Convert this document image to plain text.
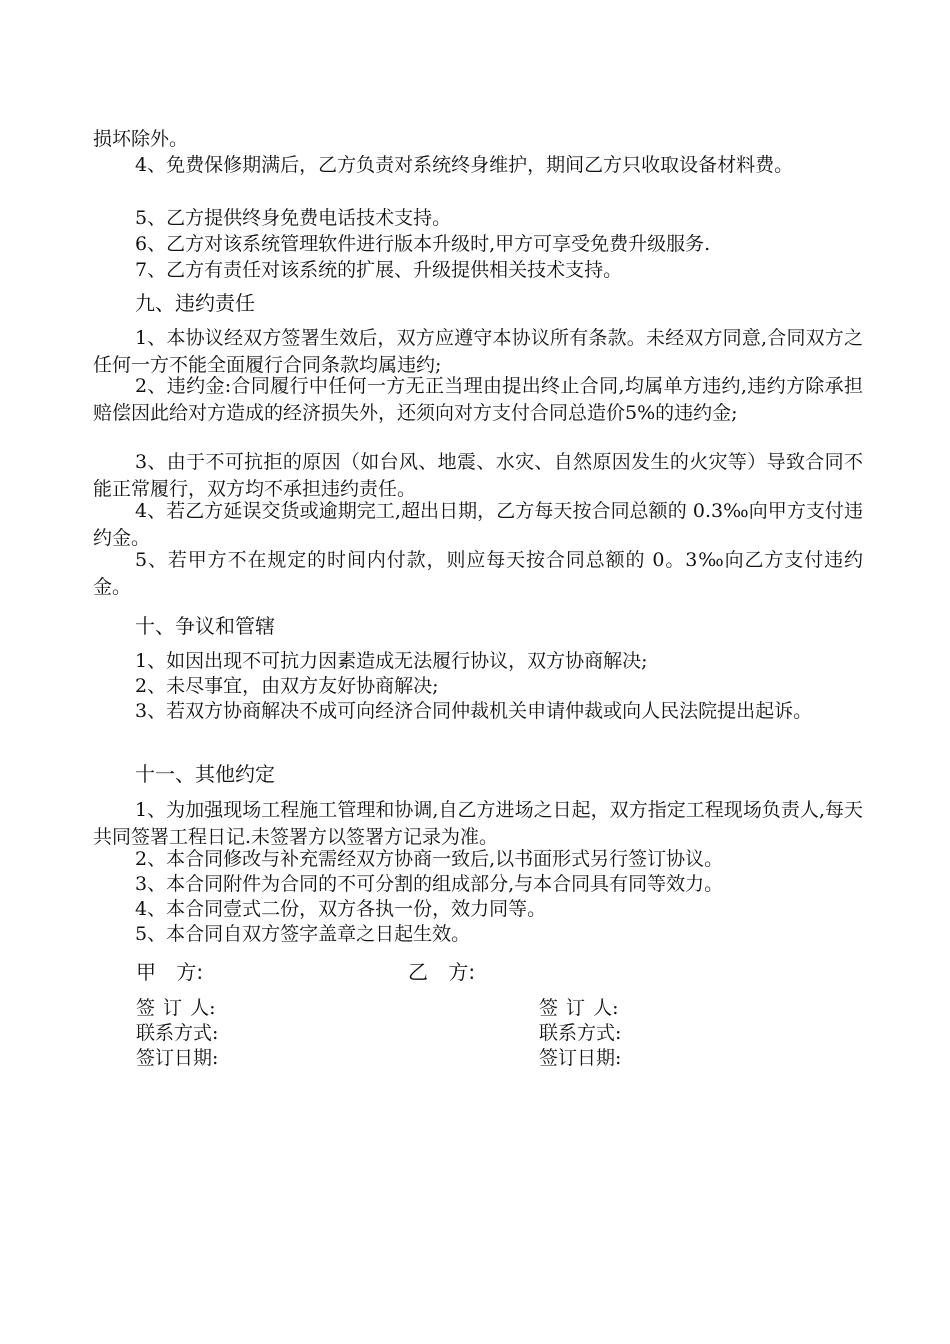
损坏除外。

4、免费保修期满后，乙方负责对系统终身维护，期间乙方只收取设备材料费。

5、乙方提供终身免费电话技术支持。

6、乙方对该系统管理软件进行版本升级时,甲方可享受免费升级服务.

7、乙方有责任对该系统的扩展、升级提供相关技术支持。

九、违约责任

1、本协议经双方签署生效后，双方应遵守本协议所有条款。未经双方同意,合同双方之任何一方不能全面履行合同条款均属违约;

2、违约金:合同履行中任何一方无正当理由提出终止合同,均属单方违约,违约方除承担赔偿因此给对方造成的经济损失外，还须向对方支付合同总造价5%的违约金;

3、由于不可抗拒的原因（如台风、地震、水灾、自然原因发生的火灾等）导致合同不能正常履行，双方均不承担违约责任。

4、若乙方延误交货或逾期完工,超出日期，乙方每天按合同总额的 0.3‰向甲方支付违约金。

5、若甲方不在规定的时间内付款，则应每天按合同总额的 0。3‰向乙方支付违约金。

十、争议和管辖

1、如因出现不可抗力因素造成无法履行协议，双方协商解决;

2、未尽事宜，由双方友好协商解决;

3、若双方协商解决不成可向经济合同仲裁机关申请仲裁或向人民法院提出起诉。

十一、其他约定

1、为加强现场工程施工管理和协调,自乙方进场之日起，双方指定工程现场负责人,每天共同签署工程日记.未签署方以签署方记录为准。

2、本合同修改与补充需经双方协商一致后,以书面形式另行签订协议。

3、本合同附件为合同的不可分割的组成部分,与本合同具有同等效力。

4、本合同壹式二份，双方各执一份，效力同等。

5、本合同自双方签字盖章之日起生效。

甲 方:	乙 方:
签 订 人:
联系方式:
签订日期:
签 订 人:
联系方式:
签订日期:
